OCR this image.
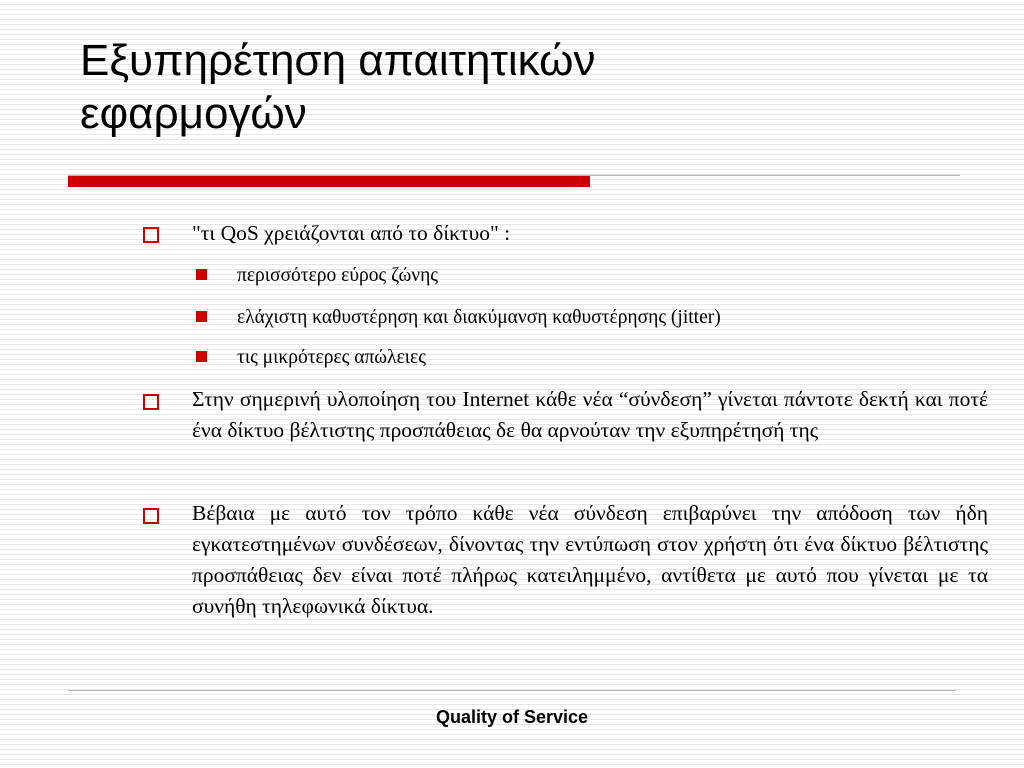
Εξυπηρέτηση απαιτητικών
εφαρμογών
"τι QoS χρειάζονται από το δίκτυο" :
περισσότερο εύρος ζώνης
ελάχιστη καθυστέρηση και διακύμανση καθυστέρησης (jitter)
τις μικρότερες απώλειες
Στην σημερινή υλοποίηση του Internet κάθε νέα “σύνδεση” γίνεται πάντοτε δεκτή και ποτέ ένα δίκτυο βέλτιστης προσπάθειας δε θα αρνούταν την εξυπηρέτησή της
Βέβαια με αυτό τον τρόπο κάθε νέα σύνδεση επιβαρύνει την απόδοση των ήδη εγκατεστημένων συνδέσεων, δίνοντας την εντύπωση στον χρήστη ότι ένα δίκτυο βέλτιστης προσπάθειας δεν είναι ποτέ πλήρως κατειλημμένο, αντίθετα με αυτό που γίνεται με τα συνήθη τηλεφωνικά δίκτυα.
Quality of Service
